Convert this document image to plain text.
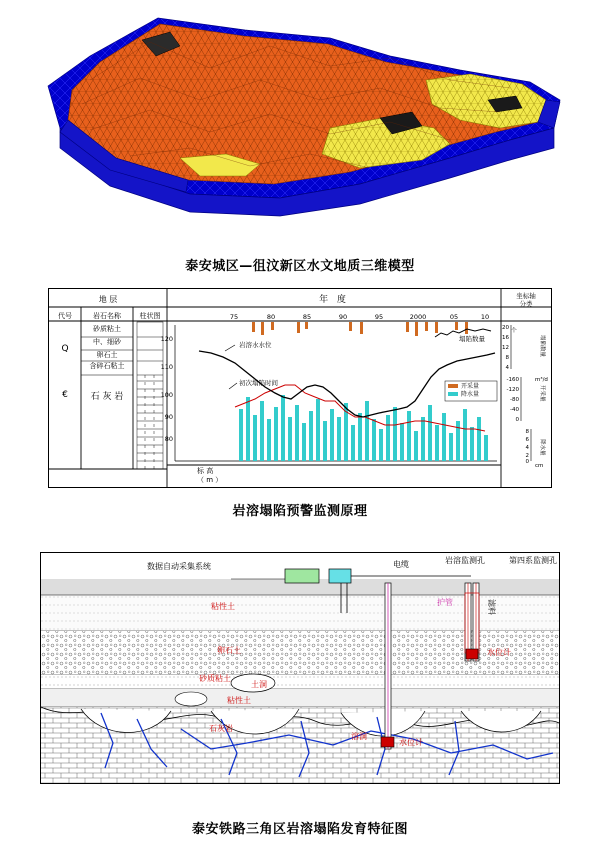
泰安城区—徂汶新区水文地质三维模型
地 层	年 度	坐标轴
分类
代号	岩石名称	柱状图
砂质粘土
中、细砂
卵石土
含碎石粘土
石 灰 岩
Q
€
120
110
100
90
80
75	80	85	90	95	2000	05	10
岩溶水水位
初次塌陷时间
塌陷数量
开采量
降水量
标 高
（ m ）
20
16
12
8
4
-160
-120
-80
-40
0
8
6
4
2
0
个
m³/d
cm
塌陷数量
开采量
降水量
岩溶塌陷预警监测原理
数据自动采集系统	电缆	岩溶监测孔	第四系监测孔
护管	滤料
粘性土
卵石土
砂质粘土
粘性土
石灰岩
土洞
溶洞
水位计
水位计
泰安铁路三角区岩溶塌陷发育特征图
